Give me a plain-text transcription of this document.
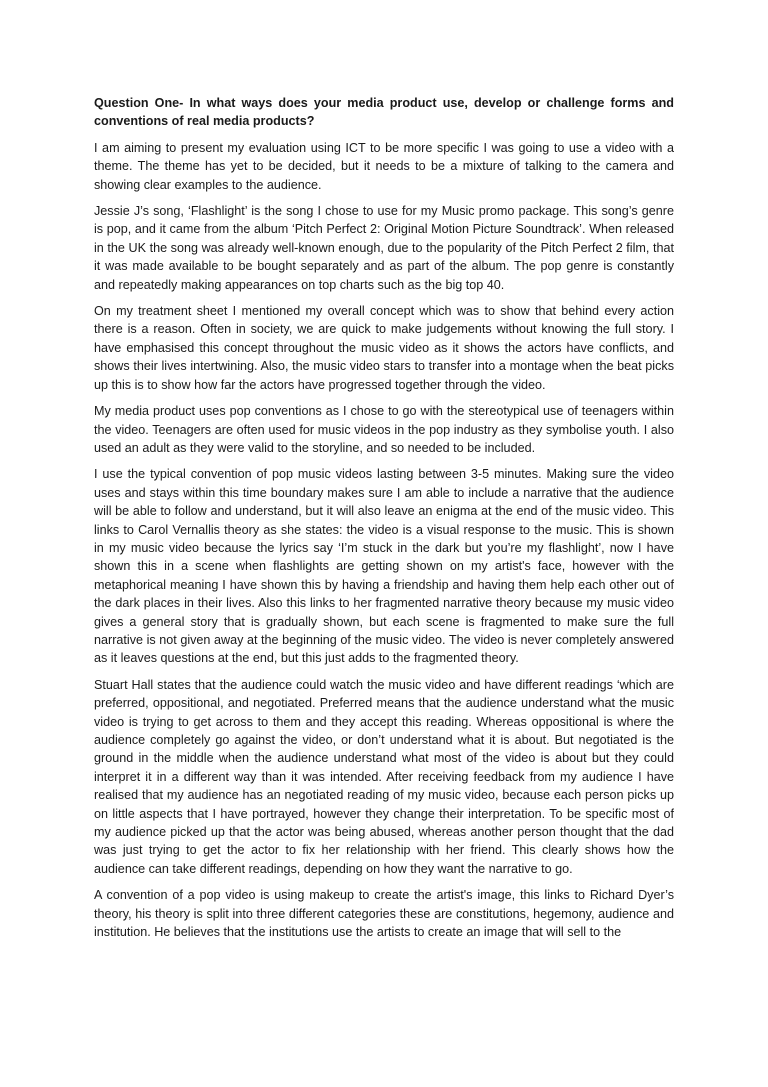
Question One- In what ways does your media product use, develop or challenge forms and conventions of real media products?

I am aiming to present my evaluation using ICT to be more specific I was going to use a video with a theme. The theme has yet to be decided, but it needs to be a mixture of talking to the camera and showing clear examples to the audience.

Jessie J’s song, ‘Flashlight’ is the song I chose to use for my Music promo package. This song’s genre is pop, and it came from the album ‘Pitch Perfect 2: Original Motion Picture Soundtrack’. When released in the UK the song was already well-known enough, due to the popularity of the Pitch Perfect 2 film, that it was made available to be bought separately and as part of the album. The pop genre is constantly and repeatedly making appearances on top charts such as the big top 40.

On my treatment sheet I mentioned my overall concept which was to show that behind every action there is a reason. Often in society, we are quick to make judgements without knowing the full story. I have emphasised this concept throughout the music video as it shows the actors have conflicts, and shows their lives intertwining. Also, the music video stars to transfer into a montage when the beat picks up this is to show how far the actors have progressed together through the video.

My media product uses pop conventions as I chose to go with the stereotypical use of teenagers within the video. Teenagers are often used for music videos in the pop industry as they symbolise youth. I also used an adult as they were valid to the storyline, and so needed to be included.

I use the typical convention of pop music videos lasting between 3-5 minutes. Making sure the video uses and stays within this time boundary makes sure I am able to include a narrative that the audience will be able to follow and understand, but it will also leave an enigma at the end of the music video. This links to Carol Vernallis theory as she states: the video is a visual response to the music. This is shown in my music video because the lyrics say ‘I’m stuck in the dark but you’re my flashlight’, now I have shown this in a scene when flashlights are getting shown on my artist's face, however with the metaphorical meaning I have shown this by having a friendship and having them help each other out of the dark places in their lives. Also this links to her fragmented narrative theory because my music video gives a general story that is gradually shown, but each scene is fragmented to make sure the full narrative is not given away at the beginning of the music video. The video is never completely answered as it leaves questions at the end, but this just adds to the fragmented theory.

Stuart Hall states that the audience could watch the music video and have different readings ‘which are preferred, oppositional, and negotiated. Preferred means that the audience understand what the music video is trying to get across to them and they accept this reading. Whereas oppositional is where the audience completely go against the video, or don’t understand what it is about. But negotiated is the ground in the middle when the audience understand what most of the video is about but they could interpret it in a different way than it was intended. After receiving feedback from my audience I have realised that my audience has an negotiated reading of my music video, because each person picks up on little aspects that I have portrayed, however they change their interpretation. To be specific most of my audience picked up that the actor was being abused, whereas another person thought that the dad was just trying to get the actor to fix her relationship with her friend. This clearly shows how the audience can take different readings, depending on how they want the narrative to go.

A convention of a pop video is using makeup to create the artist's image, this links to Richard Dyer’s theory, his theory is split into three different categories these are constitutions, hegemony, audience and institution. He believes that the institutions use the artists to create an image that will sell to the
